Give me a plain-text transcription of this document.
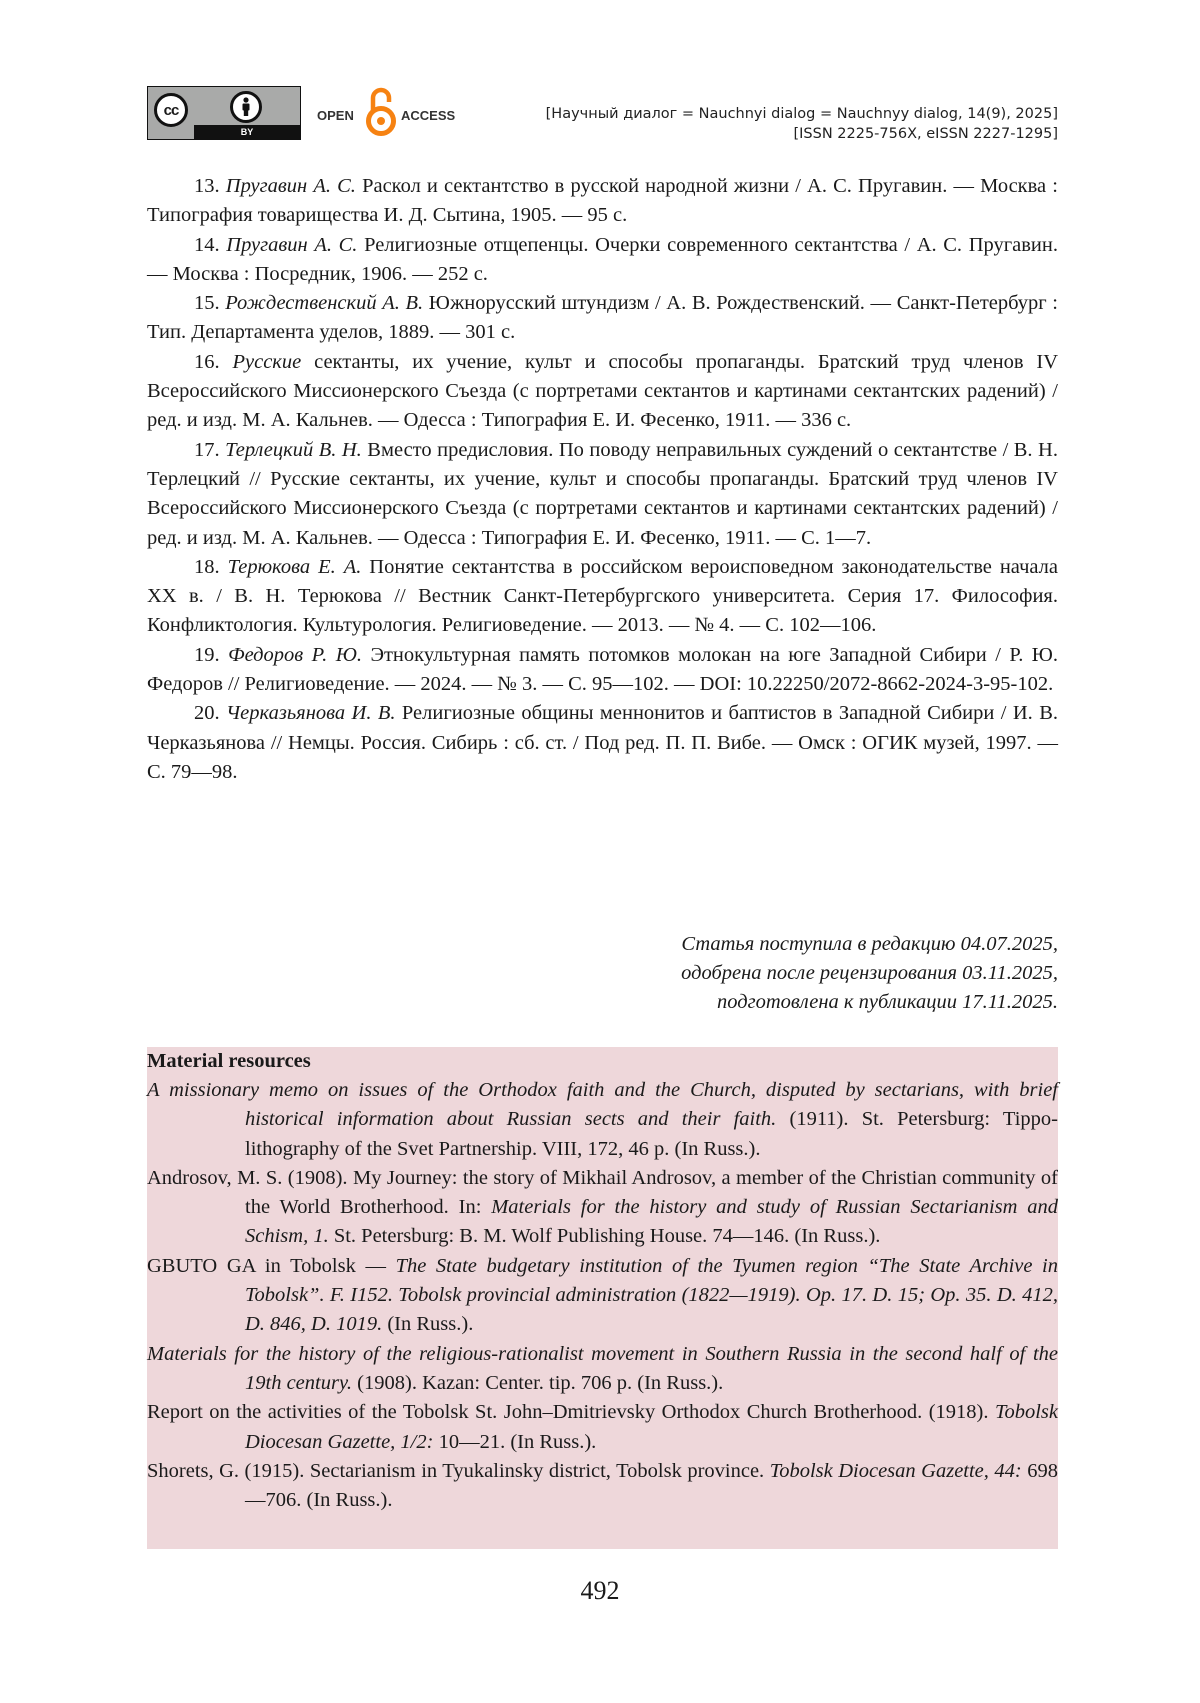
cc
BY
OPEN	ACCESS	[Научный диалог = Nauchnyi dialog = Nauchnyy dialog, 14(9), 2025]
[ISSN 2225-756X, eISSN 2227-1295]

13. Пругавин А. С. Раскол и сектантство в русской народной жизни / А. С. Пругавин. — Москва : Типография товарищества И. Д. Сытина, 1905. — 95 с.

14. Пругавин А. С. Религиозные отщепенцы. Очерки современного сектантства / А. С. Пругавин. — Москва : Посредник, 1906. — 252 с.

15. Рождественский А. В. Южнорусский штундизм / А. В. Рождественский. — Санкт-Петербург : Тип. Департамента уделов, 1889. — 301 с.

16. Русские сектанты, их учение, культ и способы пропаганды. Братский труд членов IV Всероссийского Миссионерского Съезда (с портретами сектантов и картинами сектантских радений) / ред. и изд. М. А. Кальнев. — Одесса : Типография Е. И. Фесенко, 1911. — 336 с.

17. Терлецкий В. Н. Вместо предисловия. По поводу неправильных суждений о сектантстве / В. Н. Терлецкий // Русские сектанты, их учение, культ и способы пропаганды. Братский труд членов IV Всероссийского Миссионерского Съезда (с портретами сектантов и картинами сектантских радений) / ред. и изд. М. А. Кальнев. — Одесса : Типография Е. И. Фесенко, 1911. — С. 1—7.

18. Терюкова Е. А. Понятие сектантства в российском вероисповедном законодательстве начала XX в. / В. Н. Терюкова // Вестник Санкт-Петербургского университета. Серия 17. Философия. Конфликтология. Культурология. Религиоведение. — 2013. — № 4. — С. 102—106.

19. Федоров Р. Ю. Этнокультурная память потомков молокан на юге Западной Сибири / Р. Ю. Федоров // Религиоведение. — 2024. — № 3. — С. 95—102. — DOI: 10.22250/2072-8662-2024-3-95-102.

20. Черказьянова И. В. Религиозные общины меннонитов и баптистов в Западной Сибири / И. В. Черказьянова // Немцы. Россия. Сибирь : сб. ст. / Под ред. П. П. Вибе. — Омск : ОГИК музей, 1997. — С. 79—98.

Статья поступила в редакцию 04.07.2025,
одобрена после рецензирования 03.11.2025,
подготовлена к публикации 17.11.2025.
Material resources

A missionary memo on issues of the Orthodox faith and the Church, disputed by sectarians, with brief historical information about Russian sects and their faith. (1911). St. Petersburg: Tippo-lithography of the Svet Partnership. VIII, 172, 46 p. (In Russ.).

Androsov, M. S. (1908). My Journey: the story of Mikhail Androsov, a member of the Christian community of the World Brotherhood. In: Materials for the history and study of Russian Sectarianism and Schism, 1. St. Petersburg: B. M. Wolf Publishing House. 74—146. (In Russ.).

GBUTO GA in Tobolsk — The State budgetary institution of the Tyumen region “The State Archive in Tobolsk”. F. I152. Tobolsk provincial administration (1822—1919). Op. 17. D. 15; Op. 35. D. 412, D. 846, D. 1019. (In Russ.).

Materials for the history of the religious-rationalist movement in Southern Russia in the second half of the 19th century. (1908). Kazan: Center. tip. 706 p. (In Russ.).

Report on the activities of the Tobolsk St. John–Dmitrievsky Orthodox Church Brotherhood. (1918). Tobolsk Diocesan Gazette, 1/2: 10—21. (In Russ.).

Shorets, G. (1915). Sectarianism in Tyukalinsky district, Tobolsk province. Tobolsk Diocesan Gazette, 44: 698—706. (In Russ.).

492
